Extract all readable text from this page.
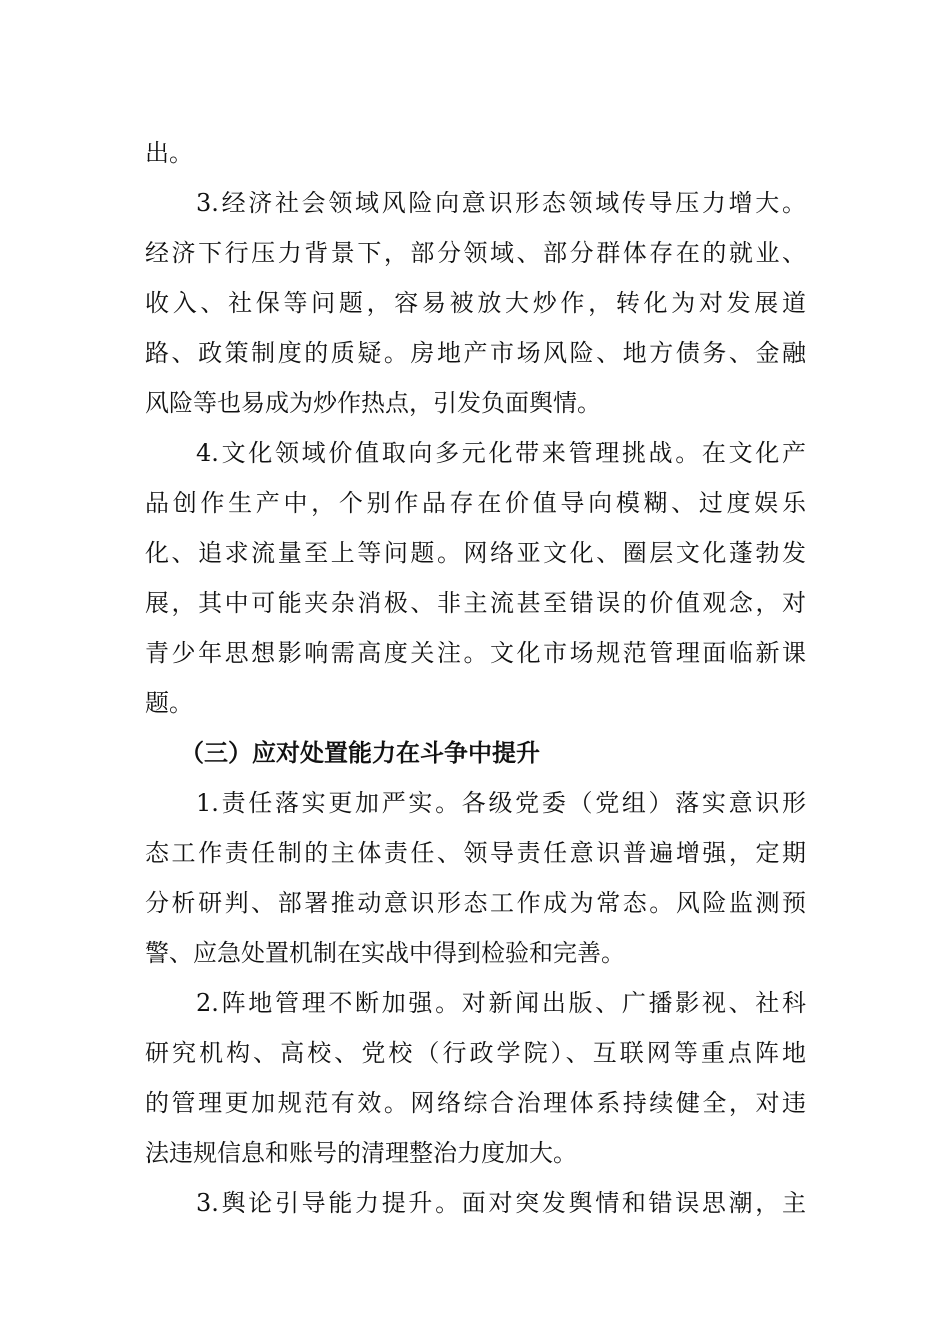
出。
3.经济社会领域风险向意识形态领域传导压力增大。
经济下行压力背景下，部分领域、部分群体存在的就业、
收入、社保等问题，容易被放大炒作，转化为对发展道
路、政策制度的质疑。房地产市场风险、地方债务、金融
风险等也易成为炒作热点，引发负面舆情。
4.文化领域价值取向多元化带来管理挑战。在文化产
品创作生产中，个别作品存在价值导向模糊、过度娱乐
化、追求流量至上等问题。网络亚文化、圈层文化蓬勃发
展，其中可能夹杂消极、非主流甚至错误的价值观念，对
青少年思想影响需高度关注。文化市场规范管理面临新课
题。
（三）应对处置能力在斗争中提升
1.责任落实更加严实。各级党委（党组）落实意识形
态工作责任制的主体责任、领导责任意识普遍增强，定期
分析研判、部署推动意识形态工作成为常态。风险监测预
警、应急处置机制在实战中得到检验和完善。
2.阵地管理不断加强。对新闻出版、广播影视、社科
研究机构、高校、党校（行政学院）、互联网等重点阵地
的管理更加规范有效。网络综合治理体系持续健全，对违
法违规信息和账号的清理整治力度加大。
3.舆论引导能力提升。面对突发舆情和错误思潮，主
